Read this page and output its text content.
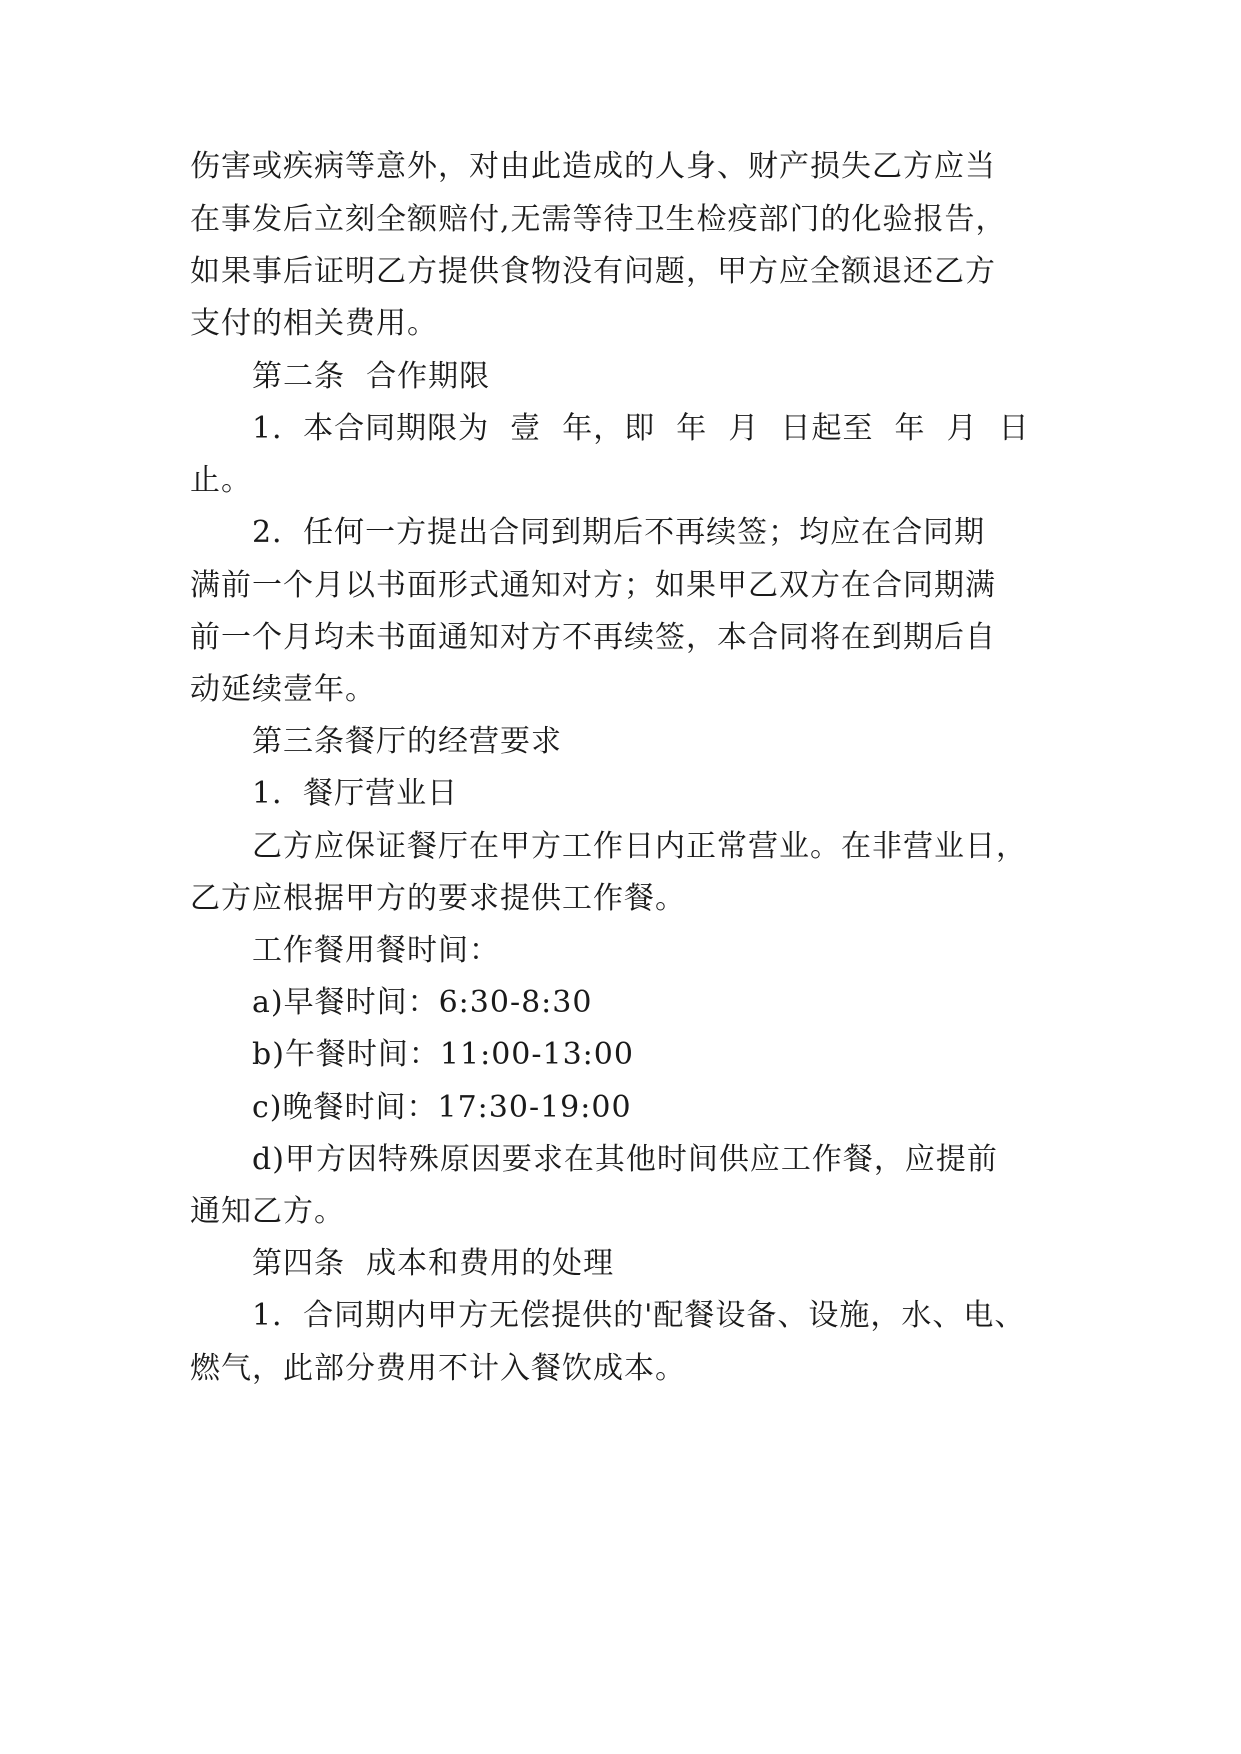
伤害或疾病等意外，对由此造成的人身、财产损失乙方应当
在事发后立刻全额赔付,无需等待卫生检疫部门的化验报告，
如果事后证明乙方提供食物没有问题，甲方应全额退还乙方
支付的相关费用。
第二条  合作期限
1．本合同期限为  壹  年，即  年  月  日起至  年  月  日
止。
2．任何一方提出合同到期后不再续签；均应在合同期
满前一个月以书面形式通知对方；如果甲乙双方在合同期满
前一个月均未书面通知对方不再续签，本合同将在到期后自
动延续壹年。
第三条餐厅的经营要求
1．餐厅营业日
乙方应保证餐厅在甲方工作日内正常营业。在非营业日，
乙方应根据甲方的要求提供工作餐。
工作餐用餐时间：
a)早餐时间：6:30-8:30
b)午餐时间：11:00-13:00
c)晚餐时间：17:30-19:00
d)甲方因特殊原因要求在其他时间供应工作餐，应提前
通知乙方。
第四条  成本和费用的处理
1．合同期内甲方无偿提供的'配餐设备、设施，水、电、
燃气，此部分费用不计入餐饮成本。
